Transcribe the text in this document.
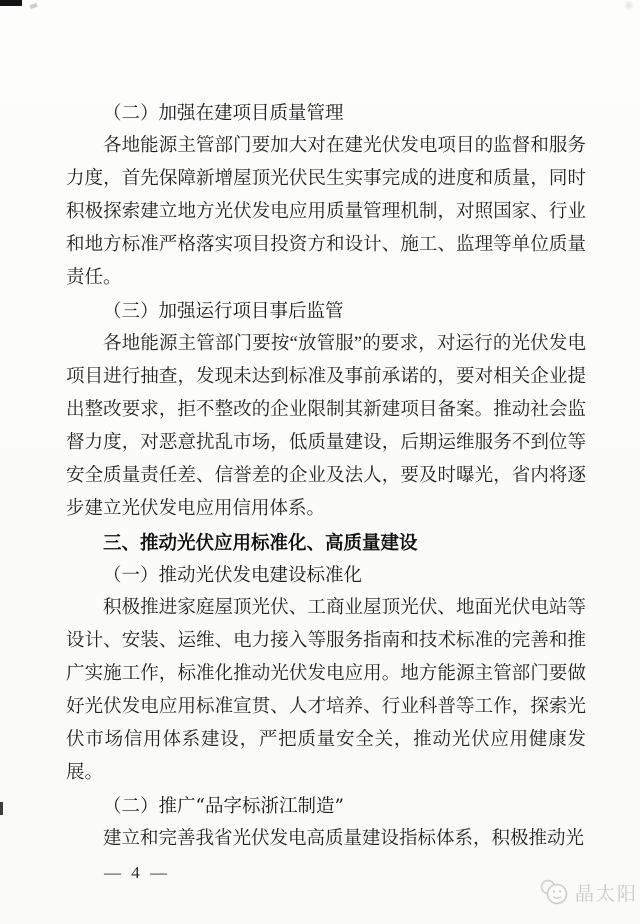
（二）加强在建项目质量管理

各地能源主管部门要加大对在建光伏发电项目的监督和服务力度，首先保障新增屋顶光伏民生实事完成的进度和质量，同时积极探索建立地方光伏发电应用质量管理机制，对照国家、行业和地方标准严格落实项目投资方和设计、施工、监理等单位质量责任。

（三）加强运行项目事后监管

各地能源主管部门要按“放管服”的要求，对运行的光伏发电项目进行抽查，发现未达到标准及事前承诺的，要对相关企业提出整改要求，拒不整改的企业限制其新建项目备案。推动社会监督力度，对恶意扰乱市场，低质量建设，后期运维服务不到位等安全质量责任差、信誉差的企业及法人，要及时曝光，省内将逐步建立光伏发电应用信用体系。

三、推动光伏应用标准化、高质量建设

（一）推动光伏发电建设标准化

积极推进家庭屋顶光伏、工商业屋顶光伏、地面光伏电站等设计、安装、运维、电力接入等服务指南和技术标准的完善和推广实施工作，标准化推动光伏发电应用。地方能源主管部门要做好光伏发电应用标准宣贯、人才培养、行业科普等工作，探索光伏市场信用体系建设，严把质量安全关，推动光伏应用健康发展。

（二）推广“品字标浙江制造”

建立和完善我省光伏发电高质量建设指标体系，积极推动光

— 4 —

晶太阳
